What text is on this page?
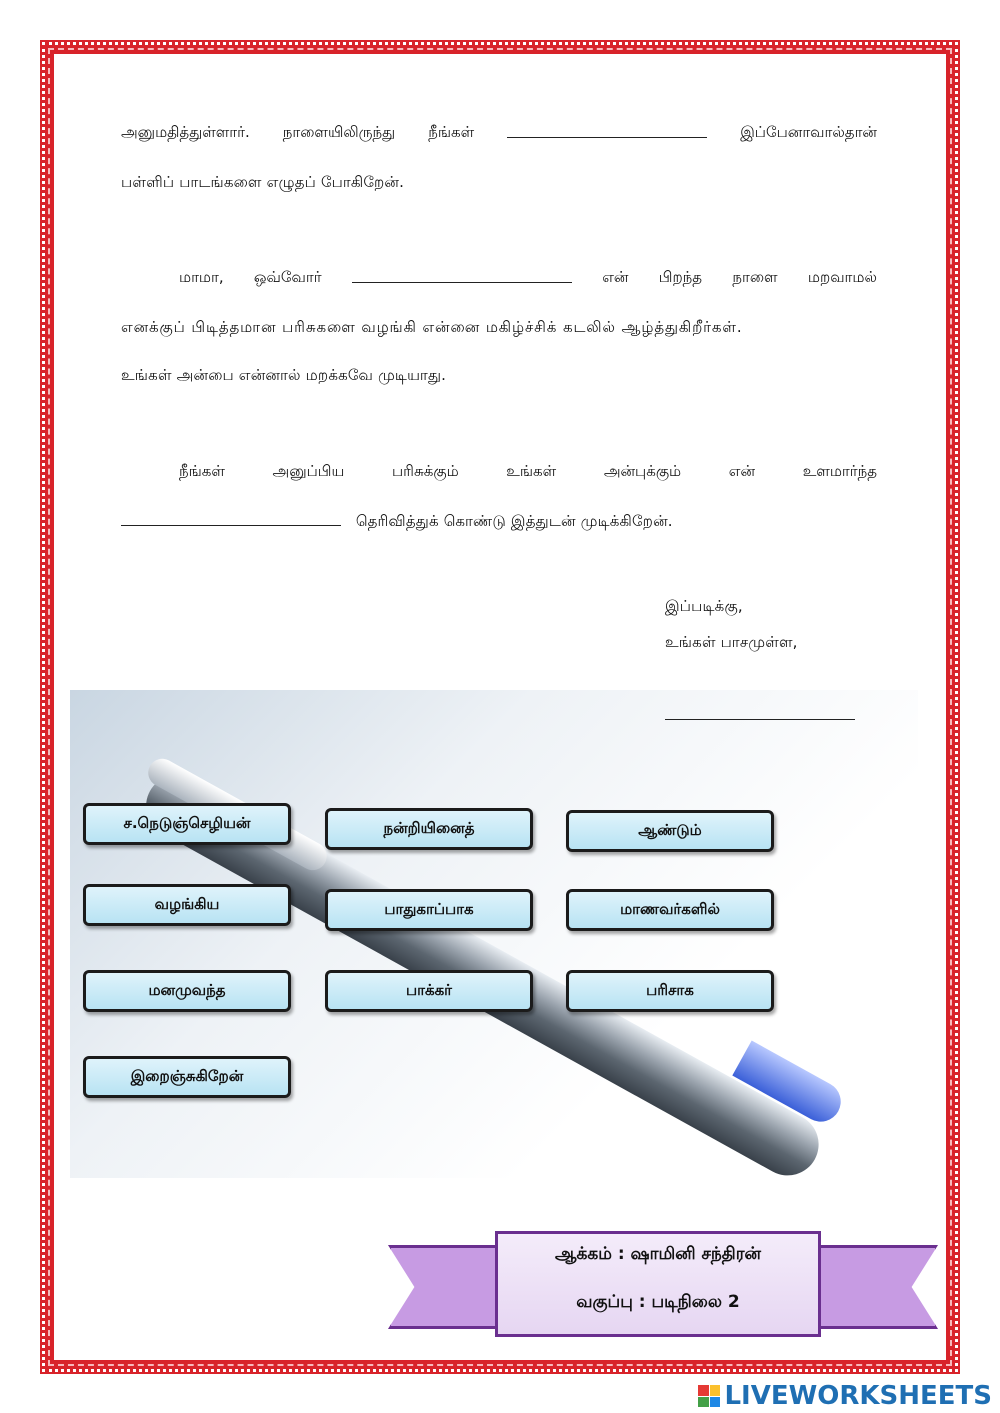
அனுமதித்துள்ளார். நாளையிலிருந்து நீங்கள்	இப்பேனாவால்தான்
பள்ளிப் பாடங்களை எழுதப் போகிறேன்.
மாமா, ஒவ்வோர்	என் பிறந்த நாளை மறவாமல்
எனக்குப் பிடித்தமான பரிசுகளை வழங்கி என்னை மகிழ்ச்சிக் கடலில் ஆழ்த்துகிறீர்கள்.
உங்கள் அன்பை என்னால் மறக்கவே முடியாது.
நீங்கள்	அனுப்பிய	பரிசுக்கும்	உங்கள்	அன்புக்கும்	என்	உளமார்ந்த
தெரிவித்துக் கொண்டு இத்துடன் முடிக்கிறேன்.
இப்படிக்கு,
உங்கள் பாசமுள்ள,
ச.நெடுஞ்செழியன்	நன்றியினைத்	ஆண்டும்
வழங்கிய	பாதுகாப்பாக	மாணவர்களில்
மனமுவந்த	பாக்கர்	பரிசாக
இறைஞ்சுகிறேன்
ஆக்கம் : ஷாமினி சந்திரன்
வகுப்பு : படிநிலை 2
LIVEWORKSHEETS
